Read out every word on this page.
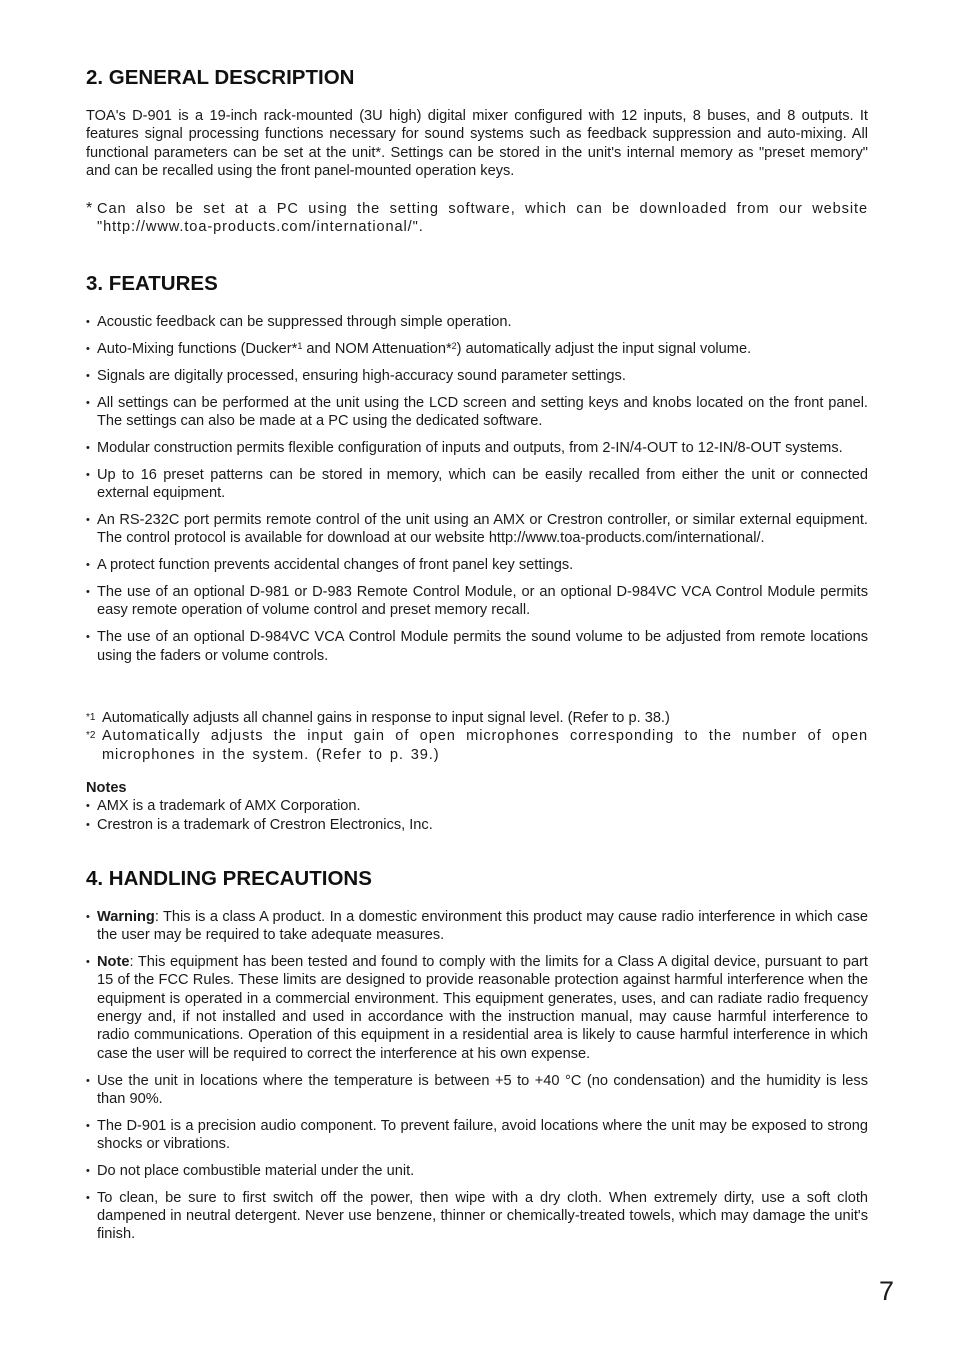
2. GENERAL DESCRIPTION

TOA's D-901 is a 19-inch rack-mounted (3U high) digital mixer configured with 12 inputs, 8 buses, and 8 outputs. It features signal processing functions necessary for sound systems such as feedback suppression and auto-mixing. All functional parameters can be set at the unit*. Settings can be stored in the unit's internal memory as "preset memory" and can be recalled using the front panel-mounted operation keys.

* Can also be set at a PC using the setting software, which can be downloaded from our website "http://www.toa-products.com/international/".

3. FEATURES
• Acoustic feedback can be suppressed through simple operation.
• Auto-Mixing functions (Ducker*$^1$ and NOM Attenuation*$^2$) automatically adjust the input signal volume.
• Signals are digitally processed, ensuring high-accuracy sound parameter settings.
• All settings can be performed at the unit using the LCD screen and setting keys and knobs located on the front panel. The settings can also be made at a PC using the dedicated software.
• Modular construction permits flexible configuration of inputs and outputs, from 2-IN/4-OUT to 12-IN/8-OUT systems.
• Up to 16 preset patterns can be stored in memory, which can be easily recalled from either the unit or connected external equipment.
• An RS-232C port permits remote control of the unit using an AMX or Crestron controller, or similar external equipment. The control protocol is available for download at our website http://www.toa-products.com/international/.
• A protect function prevents accidental changes of front panel key settings.
• The use of an optional D-981 or D-983 Remote Control Module, or an optional D-984VC VCA Control Module permits easy remote operation of volume control and preset memory recall.
• The use of an optional D-984VC VCA Control Module permits the sound volume to be adjusted from remote locations using the faders or volume controls.
*1 Automatically adjusts all channel gains in response to input signal level. (Refer to p. 38.)
*2 Automatically adjusts the input gain of open microphones corresponding to the number of open microphones in the system. (Refer to p. 39.)
Notes
• AMX is a trademark of AMX Corporation.
• Crestron is a trademark of Crestron Electronics, Inc.
4. HANDLING PRECAUTIONS
• Warning: This is a class A product. In a domestic environment this product may cause radio interference in which case the user may be required to take adequate measures.
• Note: This equipment has been tested and found to comply with the limits for a Class A digital device, pursuant to part 15 of the FCC Rules. These limits are designed to provide reasonable protection against harmful interference when the equipment is operated in a commercial environment. This equipment generates, uses, and can radiate radio frequency energy and, if not installed and used in accordance with the instruction manual, may cause harmful interference to radio communications. Operation of this equipment in a residential area is likely to cause harmful interference in which case the user will be required to correct the interference at his own expense.
• Use the unit in locations where the temperature is between +5 to +40 °C (no condensation) and the humidity is less than 90%.
• The D-901 is a precision audio component. To prevent failure, avoid locations where the unit may be exposed to strong shocks or vibrations.
• Do not place combustible material under the unit.
• To clean, be sure to first switch off the power, then wipe with a dry cloth. When extremely dirty, use a soft cloth dampened in neutral detergent. Never use benzene, thinner or chemically-treated towels, which may damage the unit's finish.
7
